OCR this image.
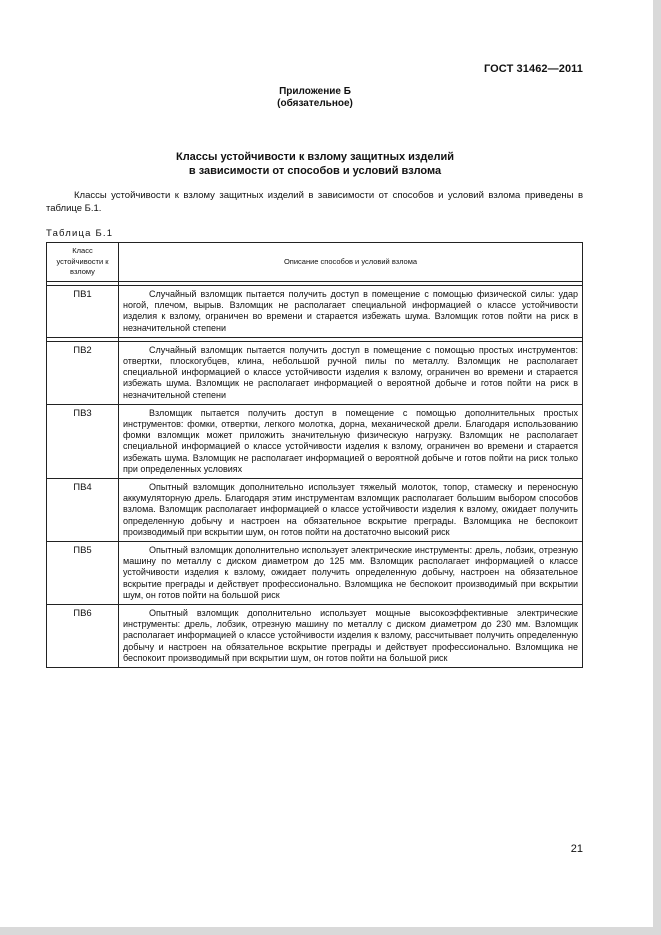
ГОСТ 31462—2011
Приложение Б
(обязательное)
Классы устойчивости к взлому защитных изделий
в зависимости от способов и условий взлома
Классы устойчивости к взлому защитных изделий в зависимости от способов и условий взлома приведены в таблице Б.1.
Таблица Б.1
Класс устойчивости к взлому	Описание способов и условий взлома

ПВ1	Случайный взломщик пытается получить доступ в помещение с помощью физической силы: удар ногой, плечом, вырыв. Взломщик не располагает специальной информацией о классе устойчивости изделия к взлому, ограничен во времени и старается избежать шума. Взломщик готов пойти на риск в незначительной степени

ПВ2	Случайный взломщик пытается получить доступ в помещение с помощью простых инструментов: отвертки, плоскогубцев, клина, небольшой ручной пилы по металлу. Взломщик не располагает специальной информацией о классе устойчивости изделия к взлому, ограничен во времени и старается избежать шума. Взломщик не располагает информацией о вероятной добыче и готов пойти на риск в незначительной степени

ПВ3	Взломщик пытается получить доступ в помещение с помощью дополнительных простых инструментов: фомки, отвертки, легкого молотка, дорна, механической дрели. Благодаря использованию фомки взломщик может приложить значительную физическую нагрузку. Взломщик не располагает специальной информацией о классе устойчивости изделия к взлому, ограничен во времени и старается избежать шума. Взломщик не располагает информацией о вероятной добыче и готов пойти на риск только при определенных условиях

ПВ4	Опытный взломщик дополнительно использует тяжелый молоток, топор, стамеску и переносную аккумуляторную дрель. Благодаря этим инструментам взломщик располагает большим выбором способов взлома. Взломщик располагает информацией о классе устойчивости изделия к взлому, ожидает получить определенную добычу и настроен на обязательное вскрытие преграды. Взломщика не беспокоит производимый при вскрытии шум, он готов пойти на достаточно высокий риск

ПВ5	Опытный взломщик дополнительно использует электрические инструменты: дрель, лобзик, отрезную машину по металлу с диском диаметром до 125 мм. Взломщик располагает информацией о классе устойчивости изделия к взлому, ожидает получить определенную добычу, настроен на обязательное вскрытие преграды и действует профессионально. Взломщика не беспокоит производимый при вскрытии шум, он готов пойти на большой риск

ПВ6	Опытный взломщик дополнительно использует мощные высокоэффективные электрические инструменты: дрель, лобзик, отрезную машину по металлу с диском диаметром до 230 мм. Взломщик располагает информацией о классе устойчивости изделия к взлому, рассчитывает получить определенную добычу и настроен на обязательное вскрытие преграды и действует профессионально. Взломщика не беспокоит производимый при вскрытии шум, он готов пойти на большой риск
21
